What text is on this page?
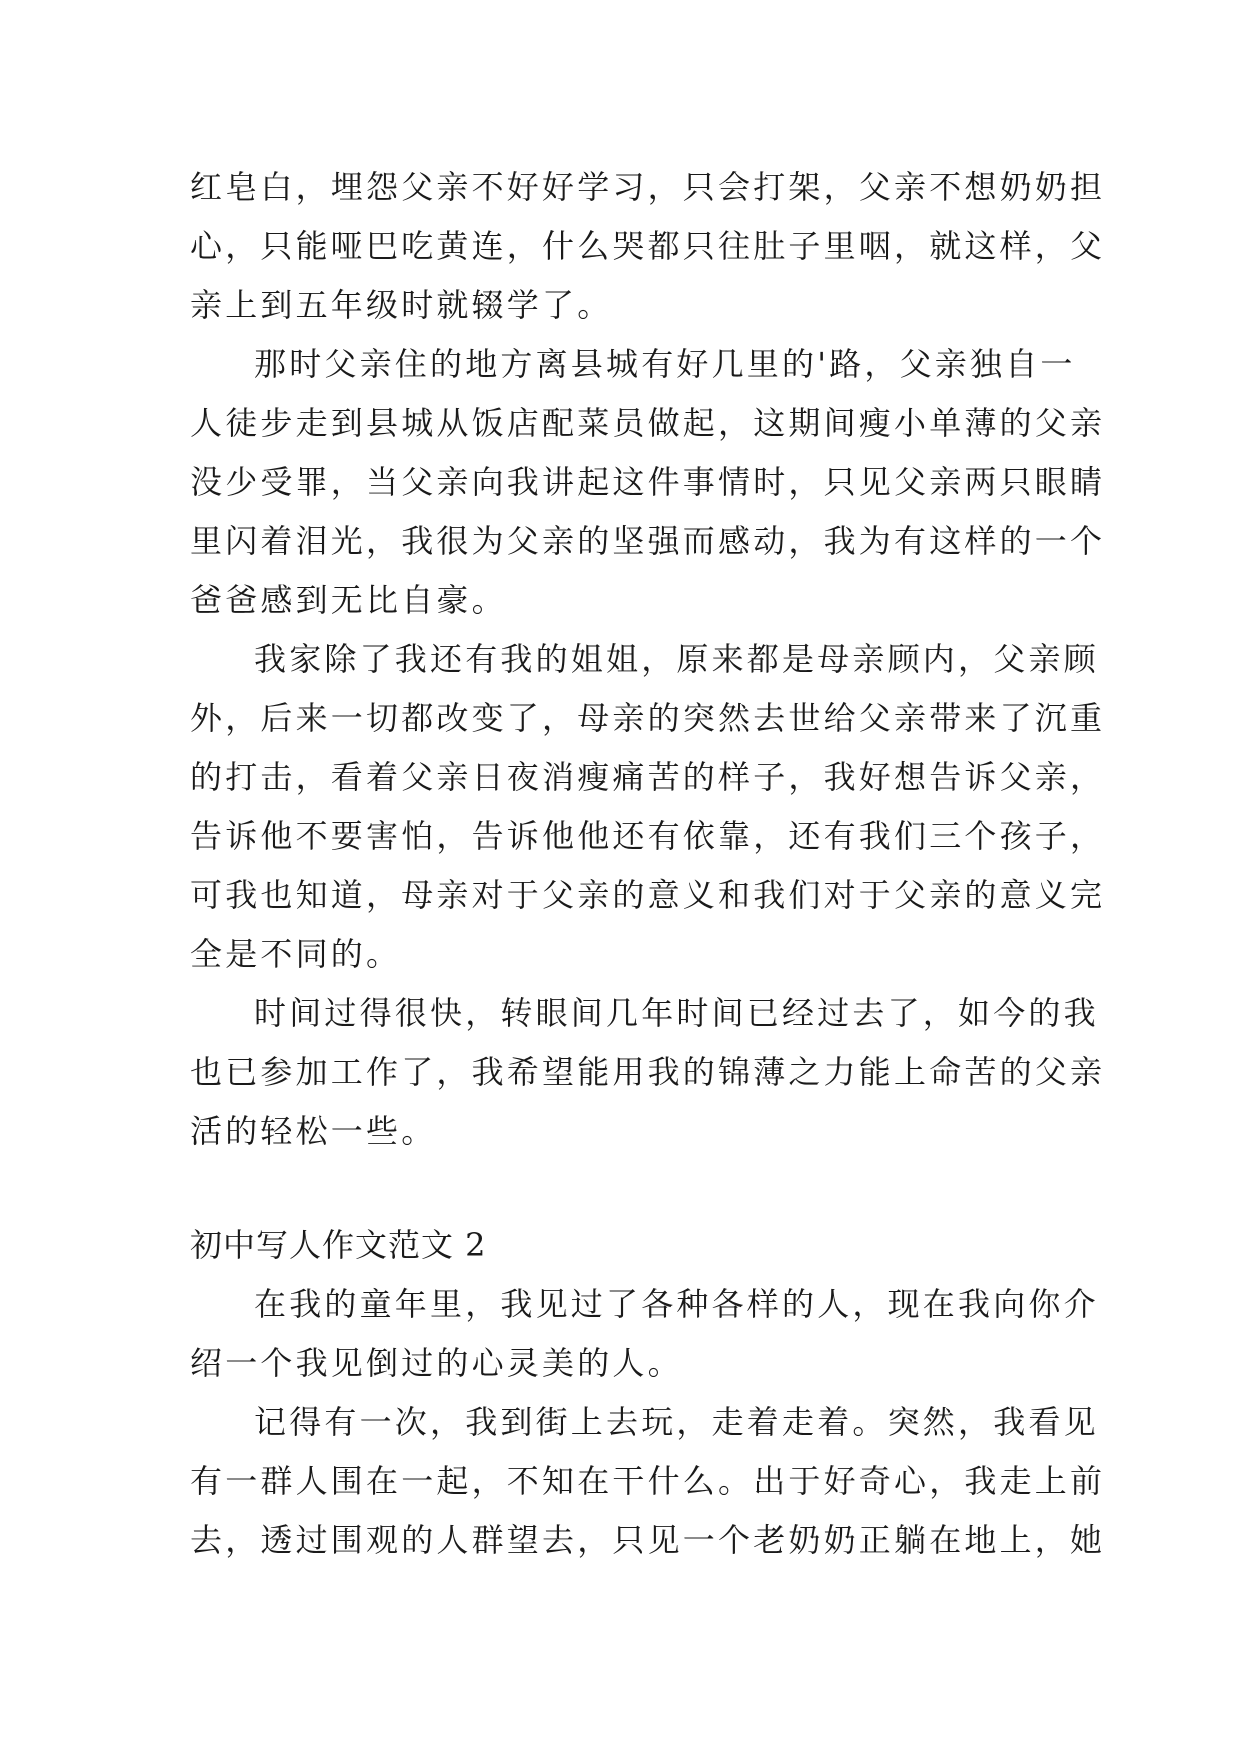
红皂白，埋怨父亲不好好学习，只会打架，父亲不想奶奶担
心，只能哑巴吃黄连，什么哭都只往肚子里咽，就这样，父
亲上到五年级时就辍学了。
那时父亲住的地方离县城有好几里的'路，父亲独自一
人徒步走到县城从饭店配菜员做起，这期间瘦小单薄的父亲
没少受罪，当父亲向我讲起这件事情时，只见父亲两只眼睛
里闪着泪光，我很为父亲的坚强而感动，我为有这样的一个
爸爸感到无比自豪。
我家除了我还有我的姐姐，原来都是母亲顾内，父亲顾
外，后来一切都改变了，母亲的突然去世给父亲带来了沉重
的打击，看着父亲日夜消瘦痛苦的样子，我好想告诉父亲，
告诉他不要害怕，告诉他他还有依靠，还有我们三个孩子，
可我也知道，母亲对于父亲的意义和我们对于父亲的意义完
全是不同的。
时间过得很快，转眼间几年时间已经过去了，如今的我
也已参加工作了，我希望能用我的锦薄之力能上命苦的父亲
活的轻松一些。
初中写人作文范文 2
在我的童年里，我见过了各种各样的人，现在我向你介
绍一个我见倒过的心灵美的人。
记得有一次，我到街上去玩，走着走着。突然，我看见
有一群人围在一起，不知在干什么。出于好奇心，我走上前
去，透过围观的人群望去，只见一个老奶奶正躺在地上，她
